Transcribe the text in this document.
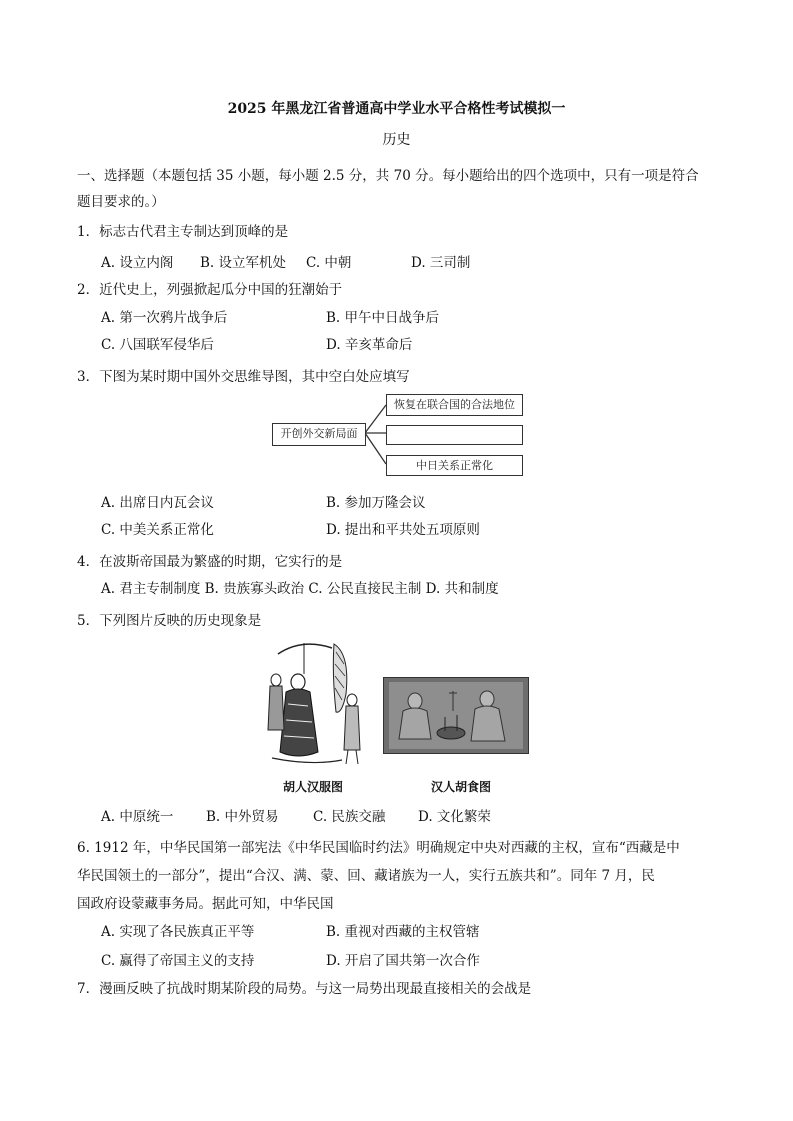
2025 年黑龙江省普通高中学业水平合格性考试模拟一
历史
一、选择题（本题包括 35 小题，每小题 2.5 分，共 70 分。每小题给出的四个选项中，只有一项是符合
题目要求的。）
1．标志古代君主专制达到顶峰的是
A. 设立内阁 B. 设立军机处 C. 中朝	D. 三司制
2．近代史上，列强掀起瓜分中国的狂潮始于
A. 第一次鸦片战争后	B. 甲午中日战争后
C. 八国联军侵华后	D. 辛亥革命后
3．下图为某时期中国外交思维导图，其中空白处应填写
开创外交新局面
恢复在联合国的合法地位
中日关系正常化
A. 出席日内瓦会议	B. 参加万隆会议
C. 中美关系正常化	D. 提出和平共处五项原则
4．在波斯帝国最为繁盛的时期，它实行的是
A. 君主专制制度 B. 贵族寡头政治 C. 公民直接民主制 D. 共和制度
5．下列图片反映的历史现象是
胡人汉服图	汉人胡食图
A. 中原统一 B. 中外贸易	C. 民族交融 D. 文化繁荣
6. 1912 年，中华民国第一部宪法《中华民国临时约法》明确规定中央对西藏的主权，宣布“西藏是中
华民国领土的一部分”，提出“合汉、满、蒙、回、藏诸族为一人，实行五族共和”。同年 7 月，民
国政府设蒙藏事务局。据此可知，中华民国
A. 实现了各民族真正平等	B. 重视对西藏的主权管辖
C. 赢得了帝国主义的支持	D. 开启了国共第一次合作
7．漫画反映了抗战时期某阶段的局势。与这一局势出现最直接相关的会战是
